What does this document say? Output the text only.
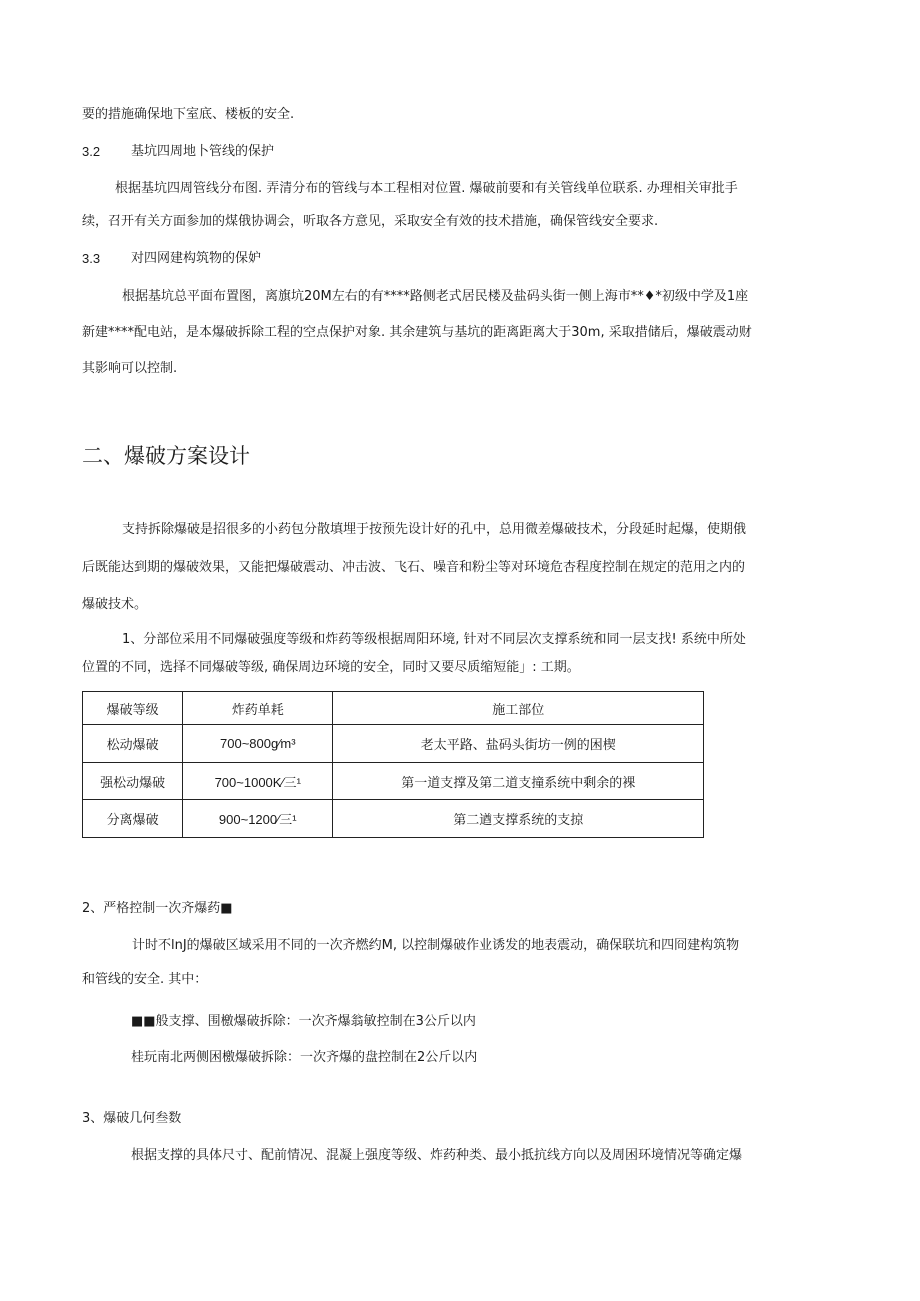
要的措施确保地下室底、楼板的安全.
3.2 基坑四周地卜管线的保护
根据基坑四周管线分布图. 弄清分布的管线与本工程相对位置. 爆破前要和有关管线单位联系. 办理相关审批手
续，召开有关方面参加的煤俄协调会，听取各方意见，采取安全有效的技术措施，确保管线安全要求.
3.3 对四网建构筑物的保妒
根据基坑总平面布置图，离旗坑20M左右的有****路侧老式居民楼及盐码头街一侧上海市**♦*初级中学及1座
新建****配电站，是本爆破拆除工程的空点保护对象. 其余建筑与基坑的距离距离大于30m, 采取措储后，爆破震动财
其影响可以控制.
二、爆破方案设计
支持拆除爆破是招很多的小药包分散填埋于按预先设计好的孔中，总用微差爆破技术，分段延时起爆，使期俄
后既能达到期的爆破效果，又能把爆破震动、冲击波、飞石、噪音和粉尘等对环境危杏程度控制在规定的范用之内的
爆破技术。
1、分部位采用不同爆破强度等级和炸药等级根据周阳环境, 针对不同层次支撑系统和同一层支找! 系统中所处
位置的不同，选择不同爆破等级, 确保周边环境的安全，同时又要尽质缩短能」: 工期。
爆破等级	炸药单耗	施工部位
松动爆破	700~800g∕m³	老太平路、盐码头街坊一例的困楔
强松动爆破	700~1000K∕三¹	第一道支撑及第二道支撞系统中剩余的裸
分离爆破	900~1200∕三¹	第二遒支撑系统的支掠
2、严格控制一次齐爆药■
计时不lnJ的爆破区域采用不同的一次齐燃约M, 以控制爆破作业诱发的地表震动，确保联坑和四冏建构筑物
和管线的安全. 其中：
■■般支撑、围檄爆破拆除：一次齐爆翁敏控制在3公斤以内
桂玩南北两侧困檄爆破拆除：一次齐爆的盘控制在2公斤以内
3、爆破几何叁数
根据支撑的具体尺寸、配前情况、混凝上强度等级、炸药种类、最小抵抗线方向以及周困环境情况等确定爆
